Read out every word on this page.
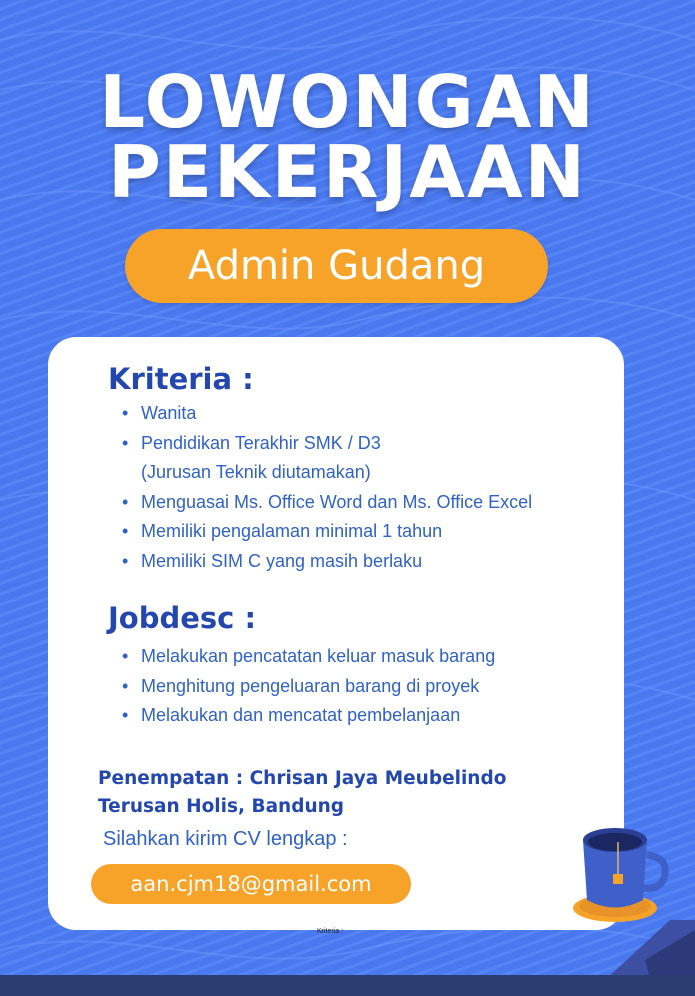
LOWONGAN
PEKERJAAN
Admin Gudang
Kriteria :
• Wanita
• Pendidikan Terakhir SMK / D3
(Jurusan Teknik diutamakan)
• Menguasai Ms. Office Word dan Ms. Office Excel
• Memiliki pengalaman minimal 1 tahun
• Memiliki SIM C yang masih berlaku
Jobdesc :
• Melakukan pencatatan keluar masuk barang
• Menghitung pengeluaran barang di proyek
• Melakukan dan mencatat pembelanjaan
Penempatan : Chrisan Jaya Meubelindo
Terusan Holis, Bandung
Silahkan kirim CV lengkap :
aan.cjm18@gmail.com
Kriteria :
